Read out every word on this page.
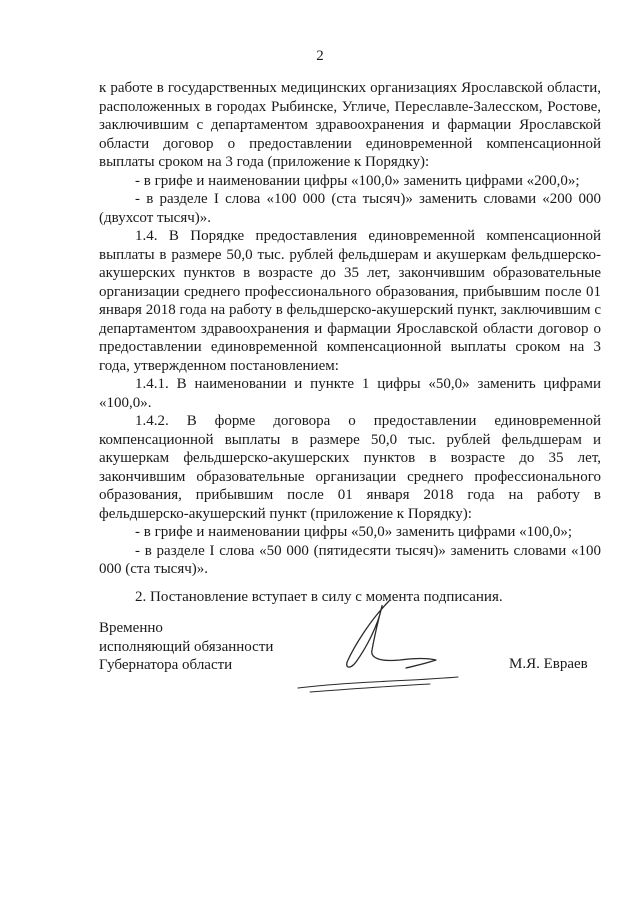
2

к работе в государственных медицинских организациях Ярославской области, расположенных в городах Рыбинске, Угличе, Переславле-Залесском, Ростове, заключившим с департаментом здравоохранения и фармации Ярославской области договор о предоставлении единовременной компенсационной выплаты сроком на 3 года (приложение к Порядку):

- в грифе и наименовании цифры «100,0» заменить цифрами «200,0»;

- в разделе I слова «100 000 (ста тысяч)» заменить словами «200 000 (двухсот тысяч)».

1.4. В Порядке предоставления единовременной компенсационной выплаты в размере 50,0 тыс. рублей фельдшерам и акушеркам фельдшерско-акушерских пунктов в возрасте до 35 лет, закончившим образовательные организации среднего профессионального образования, прибывшим после 01 января 2018 года на работу в фельдшерско-акушерский пункт, заключившим с департаментом здравоохранения и фармации Ярославской области договор о предоставлении единовременной компенсационной выплаты сроком на 3 года, утвержденном постановлением:

1.4.1. В наименовании и пункте 1 цифры «50,0» заменить цифрами «100,0».

1.4.2. В форме договора о предоставлении единовременной компенсационной выплаты в размере 50,0 тыс. рублей фельдшерам и акушеркам фельдшерско-акушерских пунктов в возрасте до 35 лет, закончившим образовательные организации среднего профессионального образования, прибывшим после 01 января 2018 года на работу в фельдшерско-акушерский пункт (приложение к Порядку):

- в грифе и наименовании цифры «50,0» заменить цифрами «100,0»;

- в разделе I слова «50 000 (пятидесяти тысяч)» заменить словами «100 000 (ста тысяч)».

2. Постановление вступает в силу с момента подписания.

Временно
исполняющий обязанности
Губернатора области	М.Я. Евраев
